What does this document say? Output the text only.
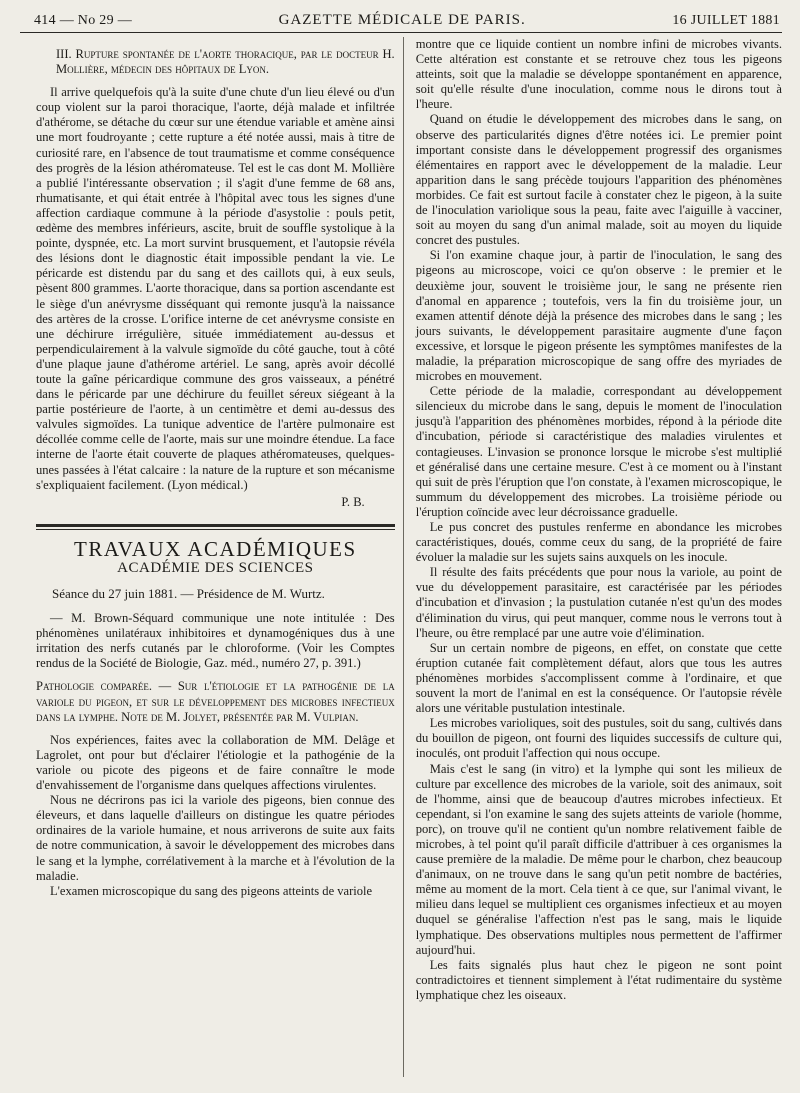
414 — No 29 —	GAZETTE MÉDICALE DE PARIS.	16 JUILLET 1881

III. Rupture spontanée de l'aorte thoracique, par le docteur H. Mollière, médecin des hôpitaux de Lyon.

Il arrive quelquefois qu'à la suite d'une chute d'un lieu élevé ou d'un coup violent sur la paroi thoracique, l'aorte, déjà malade et infiltrée d'athérome, se détache du cœur sur une étendue variable et amène ainsi une mort foudroyante ; cette rupture a été notée aussi, mais à titre de curiosité rare, en l'absence de tout traumatisme et comme conséquence des progrès de la lésion athéromateuse. Tel est le cas dont M. Mollière a publié l'intéressante observation ; il s'agit d'une femme de 68 ans, rhumatisante, et qui était entrée à l'hôpital avec tous les signes d'une affection cardiaque commune à la période d'asystolie : pouls petit, œdème des membres inférieurs, ascite, bruit de souffle systolique à la pointe, dyspnée, etc. La mort survint brusquement, et l'autopsie révéla des lésions dont le diagnostic était impossible pendant la vie. Le péricarde est distendu par du sang et des caillots qui, à eux seuls, pèsent 800 grammes. L'aorte thoracique, dans sa portion ascendante est le siège d'un anévrysme disséquant qui remonte jusqu'à la naissance des artères de la crosse. L'orifice interne de cet anévrysme consiste en une déchirure irrégulière, située immédiatement au-dessus et perpendiculairement à la valvule sigmoïde du côté gauche, tout à côté d'une plaque jaune d'athérome artériel. Le sang, après avoir décollé toute la gaîne péricardique commune des gros vaisseaux, a pénétré dans le péricarde par une déchirure du feuillet séreux siégeant à la partie postérieure de l'aorte, à un centimètre et demi au-dessus des valvules sigmoïdes. La tunique adventice de l'artère pulmonaire est décollée comme celle de l'aorte, mais sur une moindre étendue. La face interne de l'aorte était couverte de plaques athéromateuses, quelques-unes passées à l'état calcaire : la nature de la rupture et son mécanisme s'expliquaient facilement. (Lyon médical.)

P. B.

TRAVAUX ACADÉMIQUES
ACADÉMIE DES SCIENCES

Séance du 27 juin 1881. — Présidence de M. Wurtz.

— M. Brown-Séquard communique une note intitulée : Des phénomènes unilatéraux inhibitoires et dynamogéniques dus à une irritation des nerfs cutanés par le chloroforme. (Voir les Comptes rendus de la Société de Biologie, Gaz. méd., numéro 27, p. 391.)

Pathologie comparée. — Sur l'étiologie et la pathogénie de la variole du pigeon, et sur le développement des microbes infectieux dans la lymphe. Note de M. Jolyet, présentée par M. Vulpian.

Nos expériences, faites avec la collaboration de MM. Delâge et Lagrolet, ont pour but d'éclairer l'étiologie et la pathogénie de la variole ou picote des pigeons et de faire connaître le mode d'envahissement de l'organisme dans quelques affections virulentes.

Nous ne décrirons pas ici la variole des pigeons, bien connue des éleveurs, et dans laquelle d'ailleurs on distingue les quatre périodes ordinaires de la variole humaine, et nous arriverons de suite aux faits de notre communication, à savoir le développement des microbes dans le sang et la lymphe, corrélativement à la marche et à l'évolution de la maladie.

L'examen microscopique du sang des pigeons atteints de variole

montre que ce liquide contient un nombre infini de microbes vivants. Cette altération est constante et se retrouve chez tous les pigeons atteints, soit que la maladie se développe spontanément en apparence, soit qu'elle résulte d'une inoculation, comme nous le dirons tout à l'heure.

Quand on étudie le développement des microbes dans le sang, on observe des particularités dignes d'être notées ici. Le premier point important consiste dans le développement progressif des organismes élémentaires en rapport avec le développement de la maladie. Leur apparition dans le sang précède toujours l'apparition des phénomènes morbides. Ce fait est surtout facile à constater chez le pigeon, à la suite de l'inoculation variolique sous la peau, faite avec l'aiguille à vacciner, soit au moyen du sang d'un animal malade, soit au moyen du liquide concret des pustules.

Si l'on examine chaque jour, à partir de l'inoculation, le sang des pigeons au microscope, voici ce qu'on observe : le premier et le deuxième jour, souvent le troisième jour, le sang ne présente rien d'anomal en apparence ; toutefois, vers la fin du troisième jour, un examen attentif dénote déjà la présence des microbes dans le sang ; les jours suivants, le développement parasitaire augmente d'une façon excessive, et lorsque le pigeon présente les symptômes manifestes de la maladie, la préparation microscopique de sang offre des myriades de microbes en mouvement.

Cette période de la maladie, correspondant au développement silencieux du microbe dans le sang, depuis le moment de l'inoculation jusqu'à l'apparition des phénomènes morbides, répond à la période dite d'incubation, période si caractéristique des maladies virulentes et contagieuses. L'invasion se prononce lorsque le microbe s'est multiplié et généralisé dans une certaine mesure. C'est à ce moment ou à l'instant qui suit de près l'éruption que l'on constate, à l'examen microscopique, le summum du développement des microbes. La troisième période ou l'éruption coïncide avec leur décroissance graduelle.

Le pus concret des pustules renferme en abondance les microbes caractéristiques, doués, comme ceux du sang, de la propriété de faire évoluer la maladie sur les sujets sains auxquels on les inocule.

Il résulte des faits précédents que pour nous la variole, au point de vue du développement parasitaire, est caractérisée par les périodes d'incubation et d'invasion ; la pustulation cutanée n'est qu'un des modes d'élimination du virus, qui peut manquer, comme nous le verrons tout à l'heure, ou être remplacé par une autre voie d'élimination.

Sur un certain nombre de pigeons, en effet, on constate que cette éruption cutanée fait complètement défaut, alors que tous les autres phénomènes morbides s'accomplissent comme à l'ordinaire, et que souvent la mort de l'animal en est la conséquence. Or l'autopsie révèle alors une véritable pustulation intestinale.

Les microbes varioliques, soit des pustules, soit du sang, cultivés dans du bouillon de pigeon, ont fourni des liquides successifs de culture qui, inoculés, ont produit l'affection qui nous occupe.

Mais c'est le sang (in vitro) et la lymphe qui sont les milieux de culture par excellence des microbes de la variole, soit des animaux, soit de l'homme, ainsi que de beaucoup d'autres microbes infectieux. Et cependant, si l'on examine le sang des sujets atteints de variole (homme, porc), on trouve qu'il ne contient qu'un nombre relativement faible de microbes, à tel point qu'il paraît difficile d'attribuer à ces organismes la cause première de la maladie. De même pour le charbon, chez beaucoup d'animaux, on ne trouve dans le sang qu'un petit nombre de bactéries, même au moment de la mort. Cela tient à ce que, sur l'animal vivant, le milieu dans lequel se multiplient ces organismes infectieux et au moyen duquel se généralise l'affection n'est pas le sang, mais le liquide lymphatique. Des observations multiples nous permettent de l'affirmer aujourd'hui.

Les faits signalés plus haut chez le pigeon ne sont point contradictoires et tiennent simplement à l'état rudimentaire du système lymphatique chez les oiseaux.
